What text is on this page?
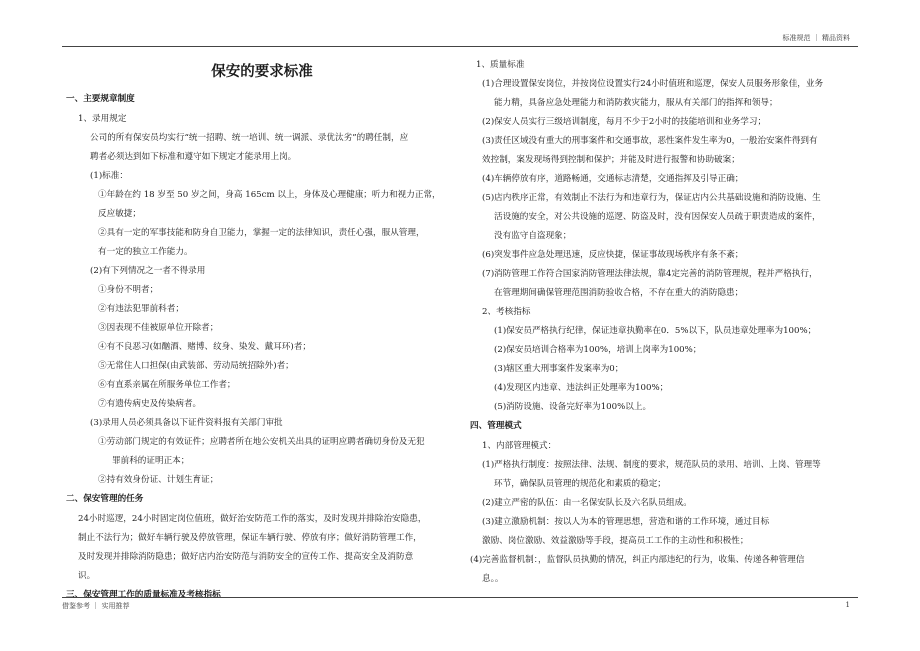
标准规范 ｜ 精品资料
保安的要求标准
一、主要规章制度
1、录用规定
公司的所有保安员均实行“统一招聘、统一培训、统一调派、录优汰劣”的聘任制，应
聘者必须达到如下标准和遵守如下规定才能录用上岗。
(1)标准：
①年龄在约 18 岁至 50 岁之间，身高 165cm 以上，身体及心理健康；听力和视力正常，
反应敏捷；
②具有一定的军事技能和防身自卫能力，掌握一定的法律知识，责任心强，服从管理，
有一定的独立工作能力。
(2)有下列情况之一者不得录用
①身份不明者；
②有违法犯罪前科者；
③因表现不佳被原单位开除者；
④有不良恶习(如酗酒、赌博、纹身、染发、戴耳环)者；
⑤无常住人口担保(由武装部、劳动局统招除外)者；
⑥有直系亲属在所服务单位工作者；
⑦有遗传病史及传染病者。
(3)录用人员必须具备以下证件资料报有关部门审批
①劳动部门规定的有效证件；应聘者所在地公安机关出具的证明应聘者确切身份及无犯
罪前科的证明正本；
②持有效身份证、计划生育证；
二、保安管理的任务
24小时巡逻，24小时固定岗位值班，做好治安防范工作的落实，及时发现并排除治安隐患，
制止不法行为；做好车辆行驶及停放管理，保证车辆行驶、停放有序；做好消防管理工作，
及时发现并排除消防隐患；做好店内治安防范与消防安全的宣传工作、提高安全及消防意
识。
三、保安管理工作的质量标准及考核指标
1、质量标准
(1)合理设置保安岗位，并按岗位设置实行24小时值班和巡逻，保安人员服务形象佳，业务
能力精，具备应急处理能力和消防救灾能力，服从有关部门的指挥和领导；
(2)保安人员实行三级培训制度，每月不少于2小时的技能培训和业务学习；
(3)责任区域没有重大的刑事案件和交通事故，恶性案件发生率为0，一般治安案件得到有
效控制，案发现场得到控制和保护；并能及时进行报警和协助破案；
(4)车辆停放有序，道路畅通，交通标志清楚，交通指挥及引导正确；
(5)店内秩序正常，有效制止不法行为和违章行为，保证店内公共基础设施和消防设施、生
活设施的安全，对公共设施的巡逻、防盗及时，没有因保安人员疏于职责造成的案件，
没有监守自盗现象；
(6)突发事件应急处理迅速，反应快捷，保证事故现场秩序有条不紊；
(7)消防管理工作符合国家消防管理法律法规，靠4定完善的消防管理规，程并严格执行，
在管理期间确保管理范围消防验收合格，不存在重大的消防隐患；
2、考核指标
(1)保安员严格执行纪律，保证违章执勤率在0．5%以下，队员违章处理率为100%；
(2)保安员培训合格率为100%，培训上岗率为100%；
(3)辖区重大刑事案件发案率为0；
(4)发现区内违章、违法纠正处理率为100%；
(5)消防设施、设备完好率为100%以上。
四、管理模式
1、内部管理模式：
(1)严格执行制度：按照法律、法规、制度的要求，规范队员的录用、培训、上岗、管理等
环节，确保队员管理的规范化和素质的稳定；
(2)建立严密的队伍：由一名保安队长及六名队员组成。
(3)建立激励机制：按以人为本的管理思想，营造和谐的工作环境，通过目标
激励、岗位激励、效益激励等手段，提高员工工作的主动性和积极性；
(4)完善监督机制：，监督队员执勤的情况，纠正内部违纪的行为，收集、传递各种管理信
息。。
借鉴参考 ｜ 实用推荐	1
